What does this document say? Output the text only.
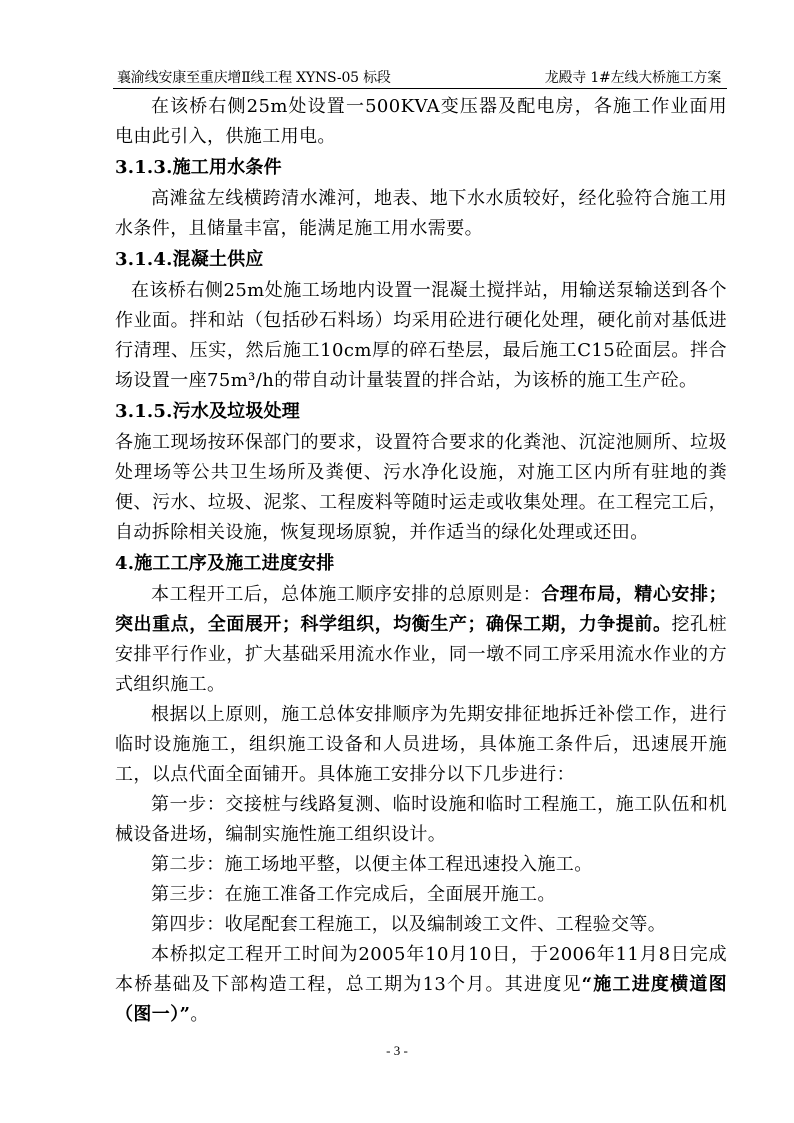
襄渝线安康至重庆增Ⅱ线工程 XYNS-05 标段	龙殿寺 1#左线大桥施工方案

在该桥右侧25m处设置一500KVA变压器及配电房，各施工作业面用电由此引入，供施工用电。

3.1.3.施工用水条件

高滩盆左线横跨清水滩河，地表、地下水水质较好，经化验符合施工用水条件，且储量丰富，能满足施工用水需要。

3.1.4.混凝土供应

在该桥右侧25m处施工场地内设置一混凝土搅拌站，用输送泵输送到各个作业面。拌和站（包括砂石料场）均采用砼进行硬化处理，硬化前对基低进行清理、压实，然后施工10cm厚的碎石垫层，最后施工C15砼面层。拌合场设置一座75m³/h的带自动计量装置的拌合站，为该桥的施工生产砼。

3.1.5.污水及垃圾处理

各施工现场按环保部门的要求，设置符合要求的化粪池、沉淀池厕所、垃圾处理场等公共卫生场所及粪便、污水净化设施，对施工区内所有驻地的粪便、污水、垃圾、泥浆、工程废料等随时运走或收集处理。在工程完工后，自动拆除相关设施，恢复现场原貌，并作适当的绿化处理或还田。

4.施工工序及施工进度安排

本工程开工后，总体施工顺序安排的总原则是：合理布局，精心安排；突出重点，全面展开；科学组织，均衡生产；确保工期，力争提前。挖孔桩安排平行作业，扩大基础采用流水作业，同一墩不同工序采用流水作业的方式组织施工。

根据以上原则，施工总体安排顺序为先期安排征地拆迁补偿工作，进行临时设施施工，组织施工设备和人员进场，具体施工条件后，迅速展开施工，以点代面全面铺开。具体施工安排分以下几步进行：

第一步：交接桩与线路复测、临时设施和临时工程施工，施工队伍和机械设备进场，编制实施性施工组织设计。

第二步：施工场地平整，以便主体工程迅速投入施工。

第三步：在施工准备工作完成后，全面展开施工。

第四步：收尾配套工程施工，以及编制竣工文件、工程验交等。

本桥拟定工程开工时间为2005年10月10日，于2006年11月8日完成本桥基础及下部构造工程，总工期为13个月。其进度见“施工进度横道图（图一）”。

- 3 -
